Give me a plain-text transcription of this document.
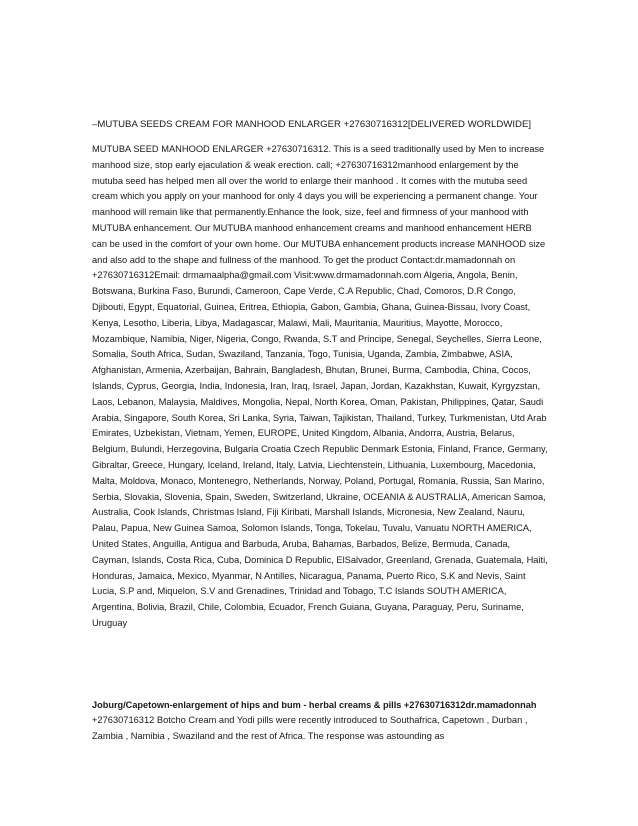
–MUTUBA SEEDS CREAM FOR MANHOOD ENLARGER +27630716312[DELIVERED WORLDWIDE]

MUTUBA SEED MANHOOD ENLARGER +27630716312. This is a seed traditionally used by Men to increase manhood size, stop early ejaculation & weak erection. call; +27630716312manhood enlargement by the mutuba seed has helped men all over the world to enlarge their manhood . It comes with the mutuba seed cream which you apply on your manhood for only 4 days you will be experiencing a permanent change. Your manhood will remain like that permanently.Enhance the look, size, feel and firmness of your manhood with MUTUBA enhancement. Our MUTUBA manhood enhancement creams and manhood enhancement HERB can be used in the comfort of your own home. Our MUTUBA enhancement products increase MANHOOD size and also add to the shape and fullness of the manhood. To get the product Contact:dr.mamadonnah on +27630716312Email: drmamaalpha@gmail.com Visit:www.drmamadonnah.com Algeria, Angola, Benin, Botswana, Burkina Faso, Burundi, Cameroon, Cape Verde, C.A Republic, Chad, Comoros, D.R Congo, Djibouti, Egypt, Equatorial, Guinea, Eritrea, Ethiopia, Gabon, Gambia, Ghana, Guinea-Bissau, Ivory Coast, Kenya, Lesotho, Liberia, Libya, Madagascar, Malawi, Mali, Mauritania, Mauritius, Mayotte, Morocco, Mozambique, Namibia, Niger, Nigeria, Congo, Rwanda, S.T and Principe, Senegal, Seychelles, Sierra Leone, Somalia, South Africa, Sudan, Swaziland, Tanzania, Togo, Tunisia, Uganda, Zambia, Zimbabwe, ASIA, Afghanistan, Armenia, Azerbaijan, Bahrain, Bangladesh, Bhutan, Brunei, Burma, Cambodia, China, Cocos, Islands, Cyprus, Georgia, India, Indonesia, Iran, Iraq, Israel, Japan, Jordan, Kazakhstan, Kuwait, Kyrgyzstan, Laos, Lebanon, Malaysia, Maldives, Mongolia, Nepal, North Korea, Oman, Pakistan, Philippines, Qatar, Saudi Arabia, Singapore, South Korea, Sri Lanka, Syria, Taiwan, Tajikistan, Thailand, Turkey, Turkmenistan, Utd Arab Emirates, Uzbekistan, Vietnam, Yemen, EUROPE, United Kingdom, Albania, Andorra, Austria, Belarus, Belgium, Bulundi, Herzegovina, Bulgaria Croatia Czech Republic Denmark Estonia, Finland, France, Germany, Gibraltar, Greece, Hungary, Iceland, Ireland, Italy, Latvia, Liechtenstein, Lithuania, Luxembourg, Macedonia, Malta, Moldova, Monaco, Montenegro, Netherlands, Norway, Poland, Portugal, Romania, Russia, San Marino, Serbia, Slovakia, Slovenia, Spain, Sweden, Switzerland, Ukraine, OCEANIA & AUSTRALIA, American Samoa, Australia, Cook Islands, Christmas Island, Fiji Kiribati, Marshall Islands, Micronesia, New Zealand, Nauru, Palau, Papua, New Guinea Samoa, Solomon Islands, Tonga, Tokelau, Tuvalu, Vanuatu NORTH AMERICA, United States, Anguilla, Antigua and Barbuda, Aruba, Bahamas, Barbados, Belize, Bermuda, Canada, Cayman, Islands, Costa Rica, Cuba, Dominica D Republic, ElSalvador, Greenland, Grenada, Guatemala, Haiti, Honduras, Jamaica, Mexico, Myanmar, N Antilles, Nicaragua, Panama, Puerto Rico, S.K and Nevis, Saint Lucia, S.P and, Miquelon, S.V and Grenadines, Trinidad and Tobago, T.C Islands SOUTH AMERICA, Argentina, Bolivia, Brazil, Chile, Colombia, Ecuador, French Guiana, Guyana, Paraguay, Peru, Suriname, Uruguay

Joburg/Capetown-enlargement of hips and bum - herbal creams & pills +27630716312dr.mamadonnah

+27630716312 Botcho Cream and Yodi pills were recently introduced to Southafrica, Capetown , Durban , Zambia , Namibia , Swaziland and the rest of Africa. The response was astounding as
